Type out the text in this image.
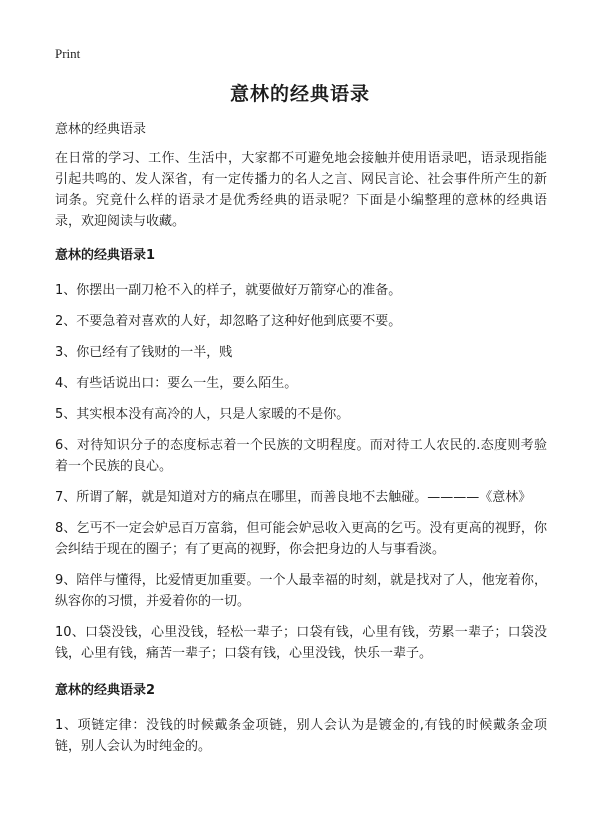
Print
意林的经典语录

意林的经典语录

在日常的学习、工作、生活中，大家都不可避免地会接触并使用语录吧，语录现指能引起共鸣的、发人深省，有一定传播力的名人之言、网民言论、社会事件所产生的新词条。究竟什么样的语录才是优秀经典的语录呢？下面是小编整理的意林的经典语录，欢迎阅读与收藏。

意林的经典语录1

1、你摆出一副刀枪不入的样子，就要做好万箭穿心的准备。

2、不要急着对喜欢的人好，却忽略了这种好他到底要不要。

3、你已经有了钱财的一半，贱

4、有些话说出口：要么一生，要么陌生。

5、其实根本没有高冷的人，只是人家暖的不是你。

6、对待知识分子的态度标志着一个民族的文明程度。而对待工人农民的.态度则考验着一个民族的良心。

7、所谓了解，就是知道对方的痛点在哪里，而善良地不去触碰。————《意林》

8、乞丐不一定会妒忌百万富翁，但可能会妒忌收入更高的乞丐。没有更高的视野，你会纠结于现在的圈子；有了更高的视野，你会把身边的人与事看淡。

9、陪伴与懂得，比爱情更加重要。一个人最幸福的时刻，就是找对了人，他宠着你，纵容你的习惯，并爱着你的一切。

10、口袋没钱，心里没钱，轻松一辈子；口袋有钱，心里有钱，劳累一辈子；口袋没钱，心里有钱，痛苦一辈子；口袋有钱，心里没钱，快乐一辈子。

意林的经典语录2

1、项链定律：没钱的时候戴条金项链，别人会认为是镀金的,有钱的时候戴条金项链，别人会认为时纯金的。
